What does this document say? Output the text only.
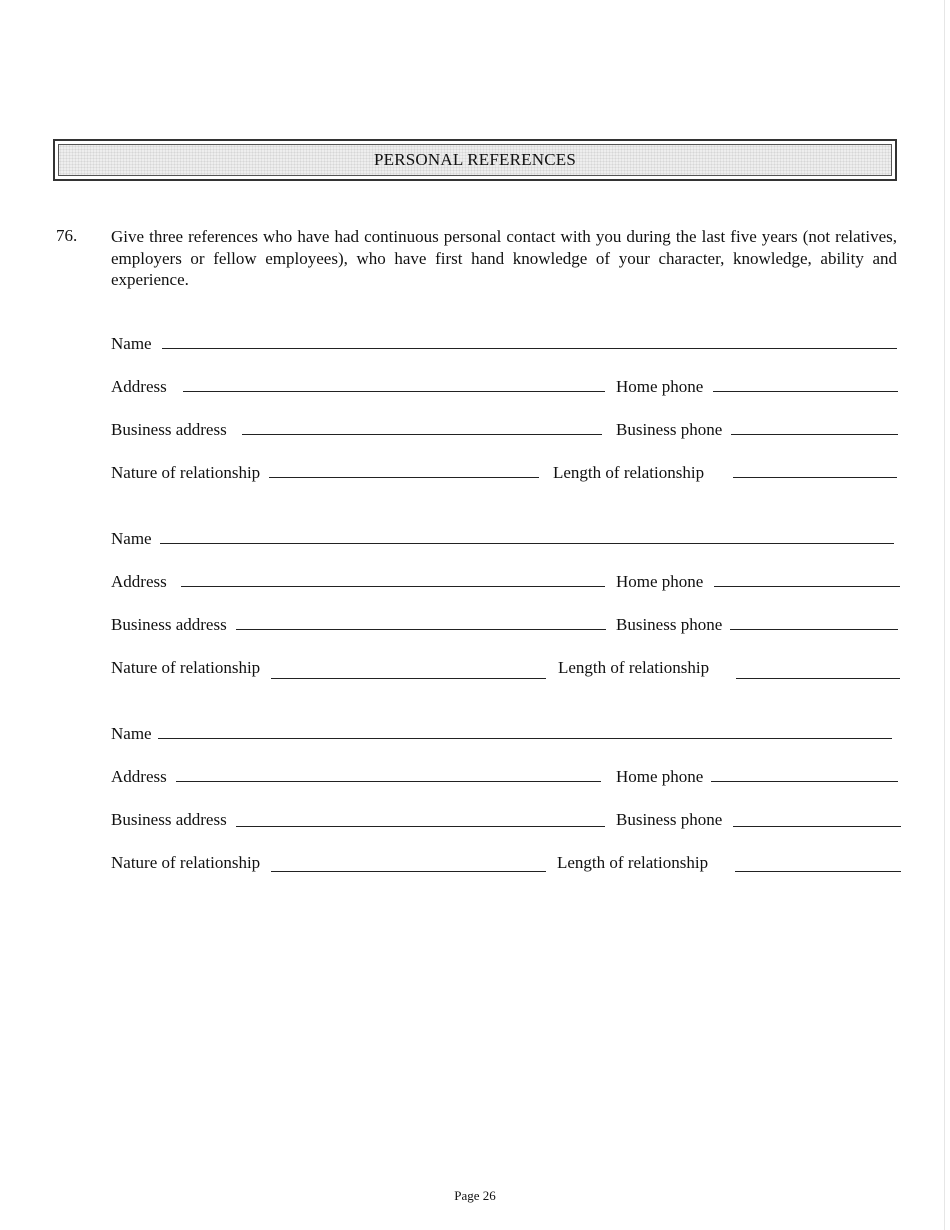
PERSONAL REFERENCES
76. Give three references who have had continuous personal contact with you during the last five years (not relatives, employers or fellow employees), who have first hand knowledge of your character, knowledge, ability and experience.
Name
Address	Home phone
Business address	Business phone
Nature of relationship	Length of relationship
Name
Address	Home phone
Business address	Business phone
Nature of relationship	Length of relationship
Name
Address	Home phone
Business address	Business phone
Nature of relationship	Length of relationship
Page 26
